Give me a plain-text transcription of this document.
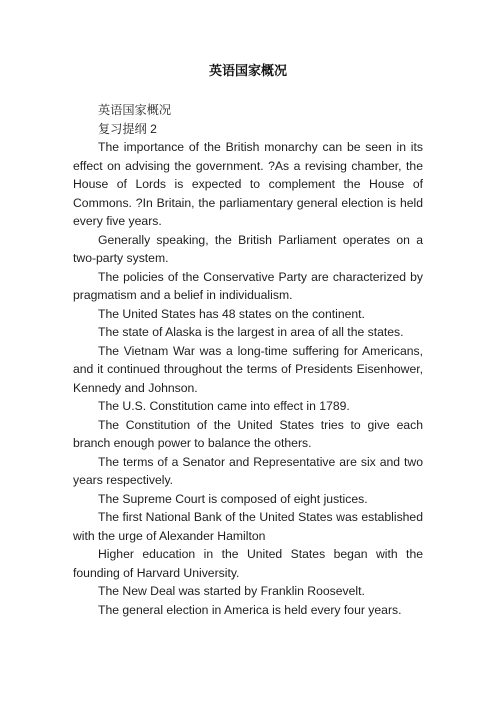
英语国家概况

英语国家概况

复习提纲 2

The importance of the British monarchy can be seen in its effect on advising the government. ?As a revising chamber, the House of Lords is expected to complement the House of Commons. ?In Britain, the parliamentary general election is held every five years.

Generally speaking, the British Parliament operates on a two-party system.

The policies of the Conservative Party are characterized by pragmatism and a belief in individualism.

The United States has 48 states on the continent.

The state of Alaska is the largest in area of all the states.

The Vietnam War was a long-time suffering for Americans, and it continued throughout the terms of Presidents Eisenhower, Kennedy and Johnson.

The U.S. Constitution came into effect in 1789.

The Constitution of the United States tries to give each branch enough power to balance the others.

The terms of a Senator and Representative are six and two years respectively.

The Supreme Court is composed of eight justices.

The first National Bank of the United States was established with the urge of Alexander Hamilton

Higher education in the United States began with the founding of Harvard University.

The New Deal was started by Franklin Roosevelt.

The general election in America is held every four years.
